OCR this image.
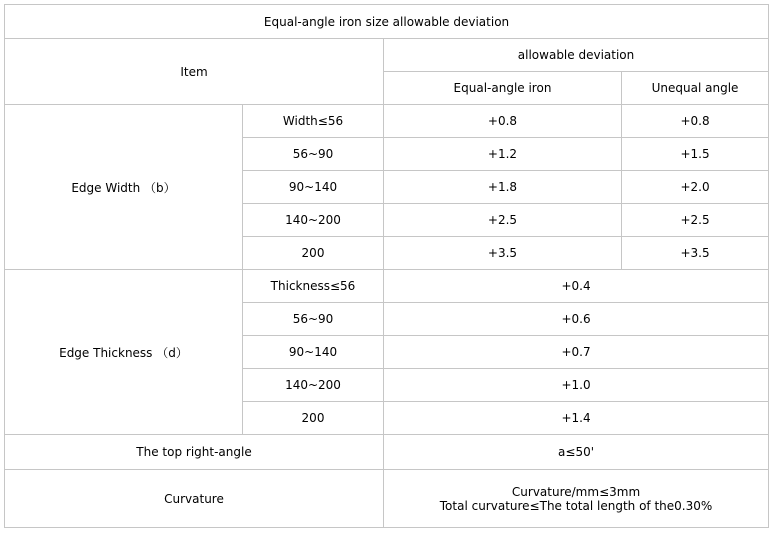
Equal-angle iron size allowable deviation			
Item		allowable deviation	
		Equal-angle iron	Unequal angle
Edge Width （b）	Width≤56	+0.8	+0.8
	56~90	+1.2	+1.5
	90~140	+1.8	+2.0
	140~200	+2.5	+2.5
	200	+3.5	+3.5
Edge Thickness （d）	Thickness≤56	+0.4	
	56~90	+0.6	
	90~140	+0.7	
	140~200	+1.0	
	200	+1.4	
The top right-angle		a≤50'	
Curvature		Curvature/mm≤3mm
Total curvature≤The total length of the0.30%	
